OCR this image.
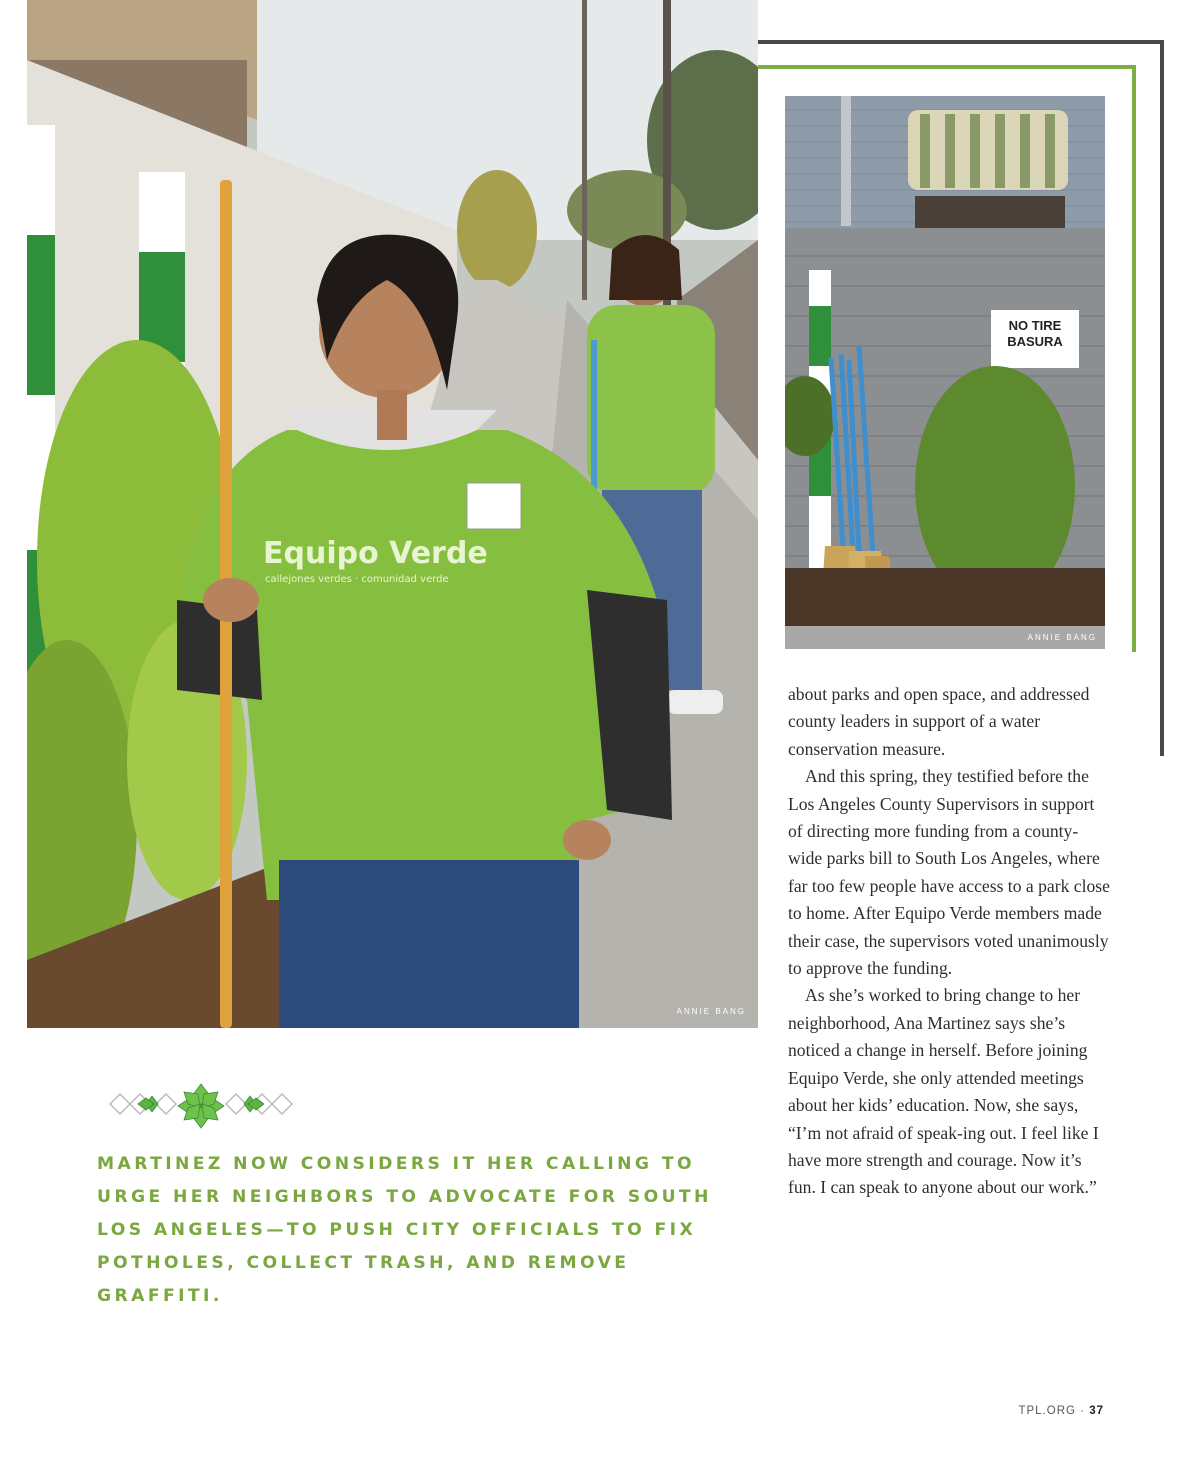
Equipo Verde
callejones verdes · comunidad verde
ANNIE BANG
NO TIRE
BASURA
ANNIE BANG

about parks and open space, and addressed county leaders in support of a water conservation measure.

And this spring, they testified before the Los Angeles County Supervisors in support of directing more funding from a county-wide parks bill to South Los Angeles, where far too few people have access to a park close to home. After Equipo Verde members made their case, the supervisors voted unanimously to approve the funding.

As she’s worked to bring change to her neighborhood, Ana Martinez says she’s noticed a change in herself. Before joining Equipo Verde, she only attended meetings about her kids’ education. Now, she says, “I’m not afraid of speak-ing out. I feel like I have more strength and courage. Now it’s fun. I can speak to anyone about our work.”

MARTINEZ NOW CONSIDERS IT HER CALLING TO URGE HER NEIGHBORS TO ADVOCATE FOR SOUTH LOS ANGELES—TO PUSH CITY OFFICIALS TO FIX POTHOLES, COLLECT TRASH, AND REMOVE GRAFFITI.
TPL.ORG · 37
